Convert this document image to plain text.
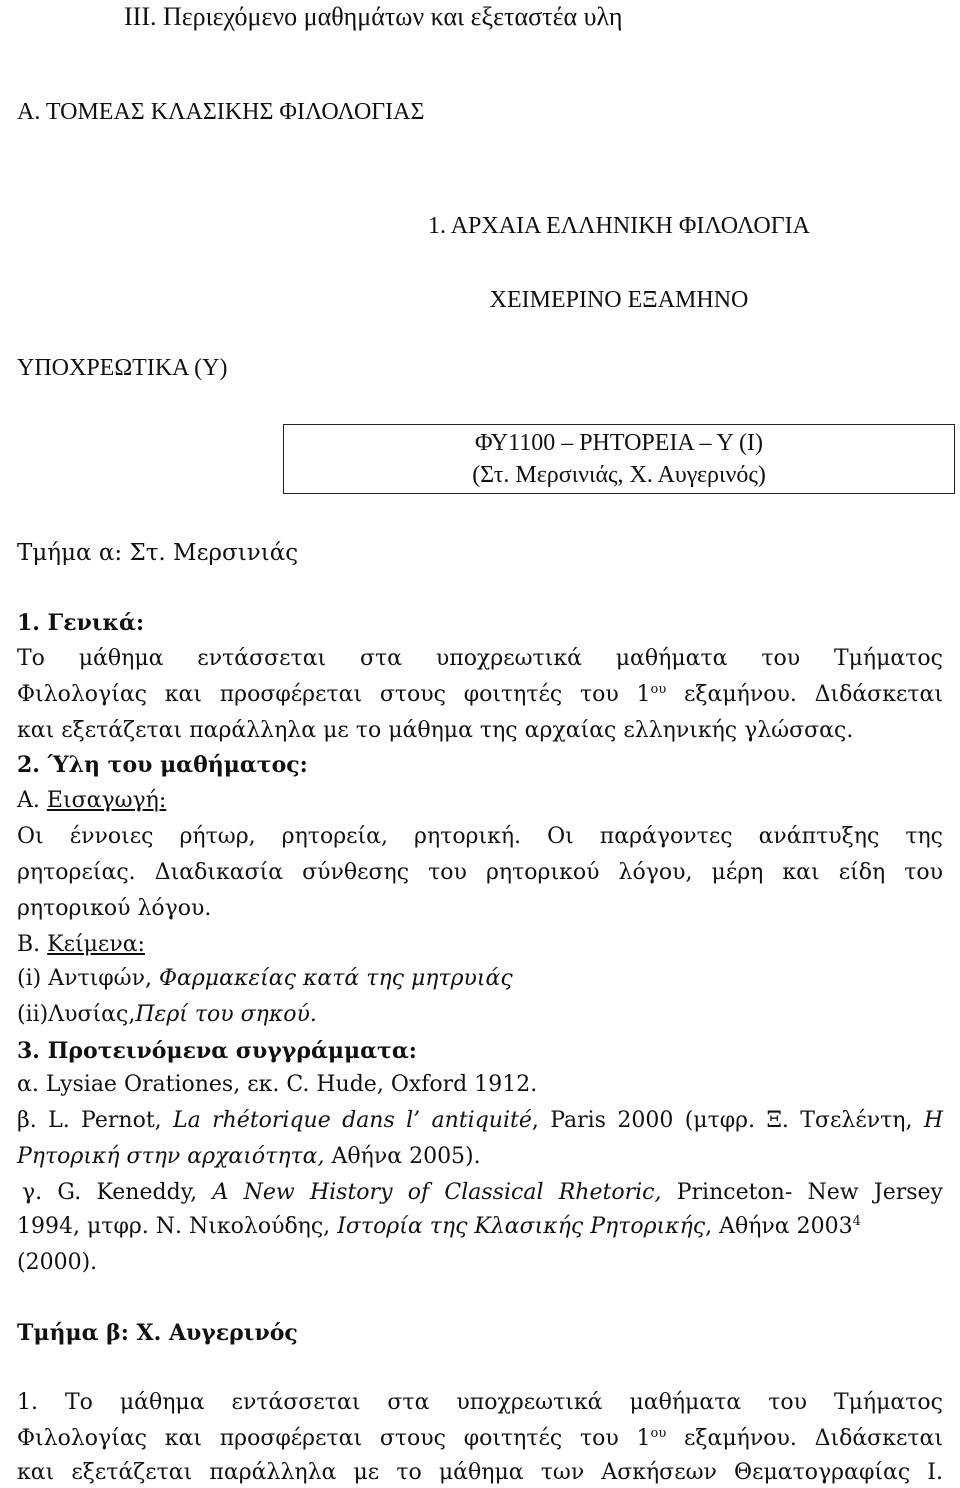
III. Περιεχόμενο μαθημάτων και εξεταστέα υλη
Α. ΤΟΜΕΑΣ ΚΛΑΣΙΚΗΣ ΦΙΛΟΛΟΓΙΑΣ
1. ΑΡΧΑΙΑ ΕΛΛΗΝΙΚΗ ΦΙΛΟΛΟΓΙΑ
ΧΕΙΜΕΡΙΝΟ ΕΞΑΜΗΝΟ
ΥΠΟΧΡΕΩΤΙΚΑ (Υ)
ΦΥ1100 – ΡΗΤΟΡΕΙΑ – Υ (Ι)
(Στ. Μερσινιάς, Χ. Αυγερινός)
Τμήμα α: Στ. Μερσινιάς
1. Γενικά:
Το μάθημα εντάσσεται στα υποχρεωτικά μαθήματα του Τμήματος
Φιλολογίας και προσφέρεται στους φοιτητές του $1^{o\upsilon}$ εξαμήνου. Διδάσκεται
και εξετάζεται παράλληλα με το μάθημα της αρχαίας ελληνικής γλώσσας.
2. Ύλη του μαθήματος:
Α. Εισαγωγή:
Οι έννοιες ρήτωρ, ρητορεία, ρητορική. Οι παράγοντες ανάπτυξης της
ρητορείας. Διαδικασία σύνθεσης του ρητορικού λόγου, μέρη και είδη του
ρητορικού λόγου.
Β. Κείμενα:
(i) Αντιφών, Φαρμακείας κατά της μητρυιάς
(ii)Λυσίας,Περί του σηκού.
3. Προτεινόμενα συγγράμματα:
α. Lysiae Orationes, εκ. C. Hude, Oxford 1912.
β. L. Pernot, La rhétorique dans l’ antiquité, Paris 2000 (μτφρ. Ξ. Τσελέντη, Η
Ρητορική στην αρχαιότητα, Αθήνα 2005).
γ. G. Keneddy, A New History of Classical Rhetoric, Princeton- New Jersey
1994, μτφρ. Ν. Νικολούδης, Ιστορία της Κλασικής Ρητορικής, Αθήνα 2003$^4$
(2000).
Τμήμα β: Χ. Αυγερινός
1. Το μάθημα εντάσσεται στα υποχρεωτικά μαθήματα του Τμήματος
Φιλολογίας και προσφέρεται στους φοιτητές του $1^{o\upsilon}$ εξαμήνου. Διδάσκεται
και εξετάζεται παράλληλα με το μάθημα των Ασκήσεων Θεματογραφίας Ι.
